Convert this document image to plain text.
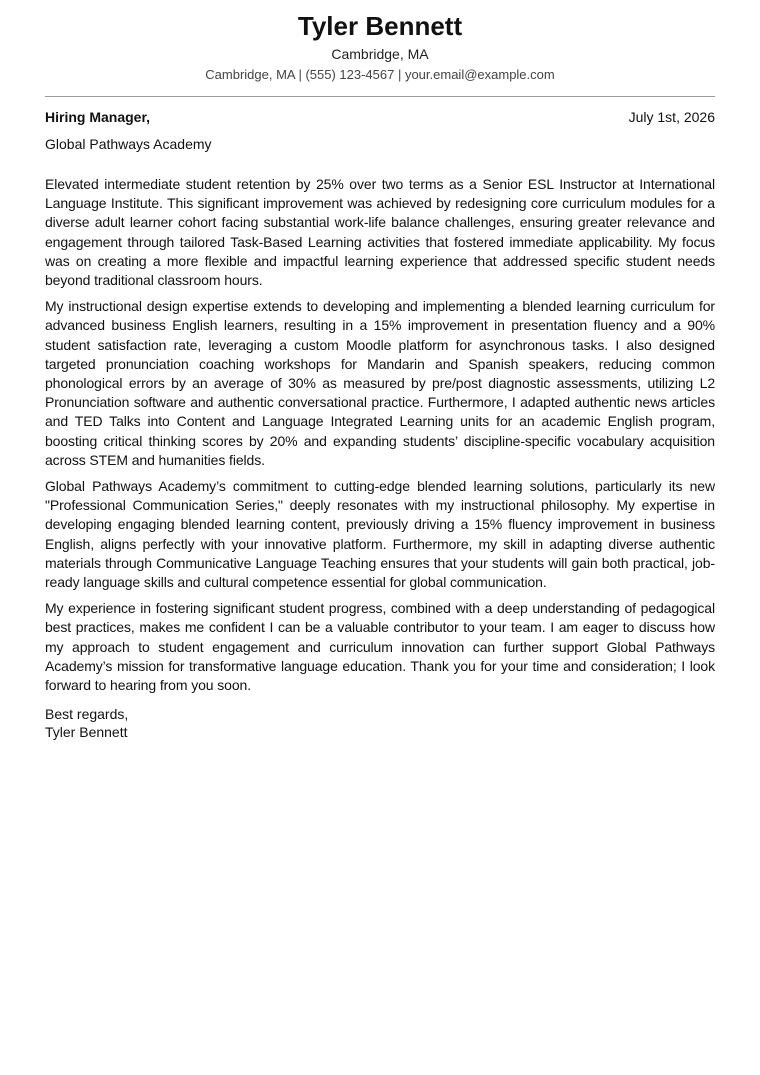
Tyler Bennett
Cambridge, MA
Cambridge, MA | (555) 123-4567 | your.email@example.com
Hiring Manager,	July 1st, 2026
Global Pathways Academy

Elevated intermediate student retention by 25% over two terms as a Senior ESL Instructor at International Language Institute. This significant improvement was achieved by redesigning core curriculum modules for a diverse adult learner cohort facing substantial work-life balance challenges, ensuring greater relevance and engagement through tailored Task-Based Learning activities that fostered immediate applicability. My focus was on creating a more flexible and impactful learning experience that addressed specific student needs beyond traditional classroom hours.

My instructional design expertise extends to developing and implementing a blended learning curriculum for advanced business English learners, resulting in a 15% improvement in presentation fluency and a 90% student satisfaction rate, leveraging a custom Moodle platform for asynchronous tasks. I also designed targeted pronunciation coaching workshops for Mandarin and Spanish speakers, reducing common phonological errors by an average of 30% as measured by pre/post diagnostic assessments, utilizing L2 Pronunciation software and authentic conversational practice. Furthermore, I adapted authentic news articles and TED Talks into Content and Language Integrated Learning units for an academic English program, boosting critical thinking scores by 20% and expanding students’ discipline-specific vocabulary acquisition across STEM and humanities fields.

Global Pathways Academy’s commitment to cutting-edge blended learning solutions, particularly its new "Professional Communication Series," deeply resonates with my instructional philosophy. My expertise in developing engaging blended learning content, previously driving a 15% fluency improvement in business English, aligns perfectly with your innovative platform. Furthermore, my skill in adapting diverse authentic materials through Communicative Language Teaching ensures that your students will gain both practical, job-ready language skills and cultural competence essential for global communication.

My experience in fostering significant student progress, combined with a deep understanding of pedagogical best practices, makes me confident I can be a valuable contributor to your team. I am eager to discuss how my approach to student engagement and curriculum innovation can further support Global Pathways Academy’s mission for transformative language education. Thank you for your time and consideration; I look forward to hearing from you soon.

Best regards,
Tyler Bennett
